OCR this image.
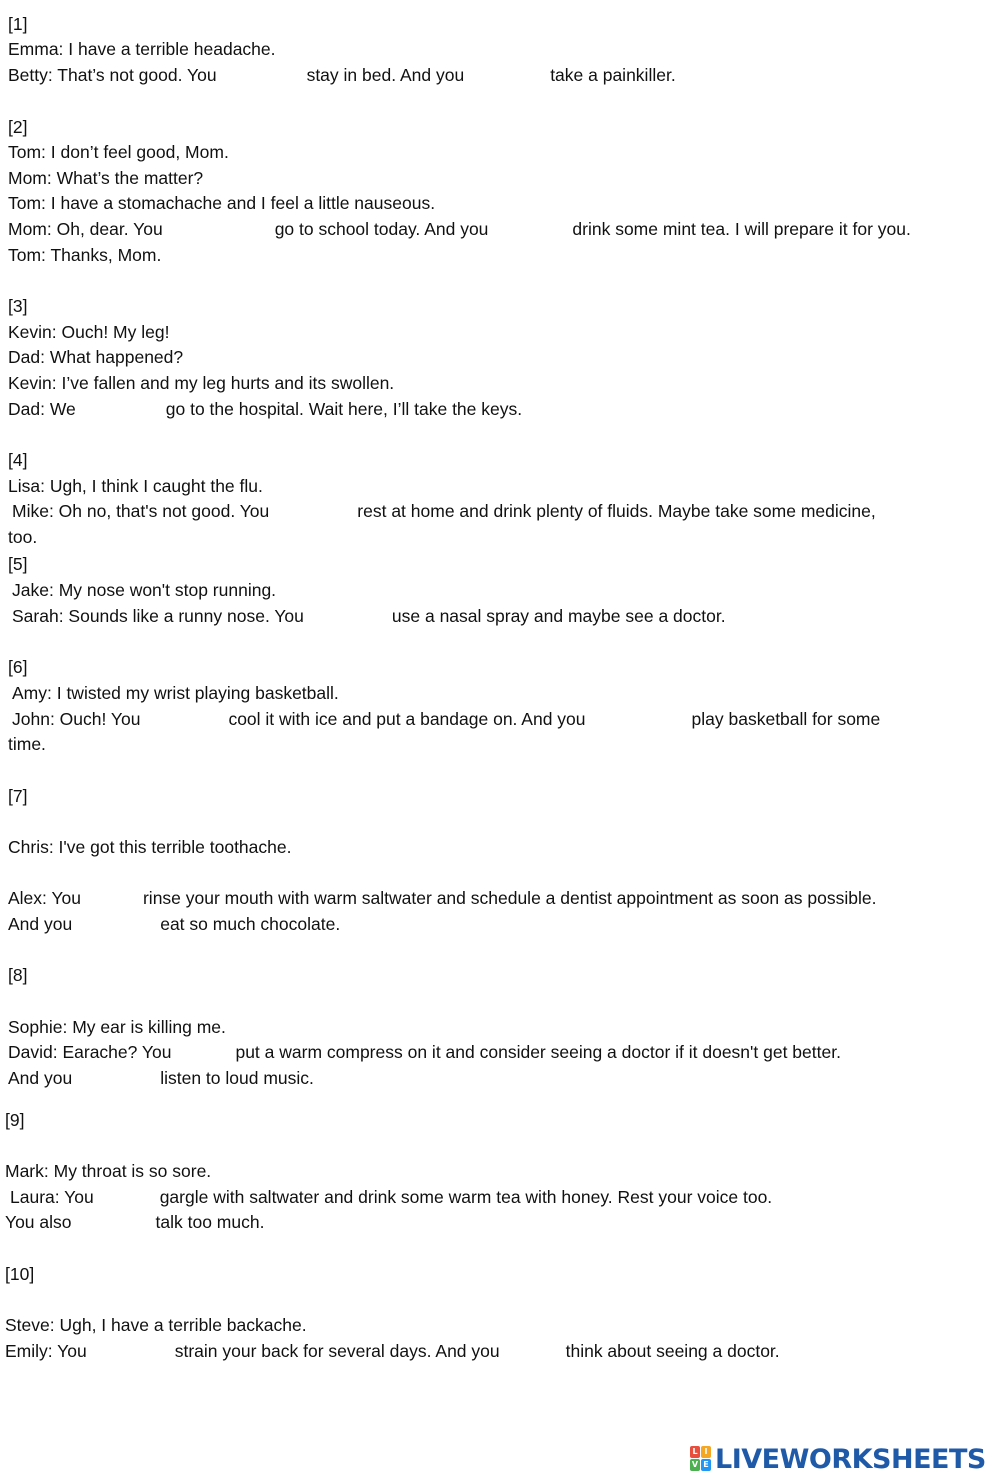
[1]
Emma: I have a terrible headache.
Betty: That’s not good. You	stay in bed. And you	take a painkiller.
[2]
Tom: I don’t feel good, Mom.
Mom: What’s the matter?
Tom: I have a stomachache and I feel a little nauseous.
Mom: Oh, dear. You	go to school today. And you	drink some mint tea. I will prepare it for you.
Tom: Thanks, Mom.
[3]
Kevin: Ouch! My leg!
Dad: What happened?
Kevin: I’ve fallen and my leg hurts and its swollen.
Dad: We	go to the hospital. Wait here, I’ll take the keys.
[4]
Lisa: Ugh, I think I caught the flu.
Mike: Oh no, that's not good. You	rest at home and drink plenty of fluids. Maybe take some medicine,
too.
[5]
Jake: My nose won't stop running.
Sarah: Sounds like a runny nose. You	use a nasal spray and maybe see a doctor.
[6]
Amy: I twisted my wrist playing basketball.
John: Ouch! You	cool it with ice and put a bandage on. And you	play basketball for some
time.
[7]
Chris: I've got this terrible toothache.
Alex: You	rinse your mouth with warm saltwater and schedule a dentist appointment as soon as possible.
And you	eat so much chocolate.
[8]
Sophie: My ear is killing me.
David: Earache? You	put a warm compress on it and consider seeing a doctor if it doesn't get better.
And you	listen to loud music.
[9]
Mark: My throat is so sore.
Laura: You	gargle with saltwater and drink some warm tea with honey. Rest your voice too.
You also	talk too much.
[10]
Steve: Ugh, I have a terrible backache.
Emily: You	strain your back for several days. And you	think about seeing a doctor.
L I
V E LIVEWORKSHEETS
